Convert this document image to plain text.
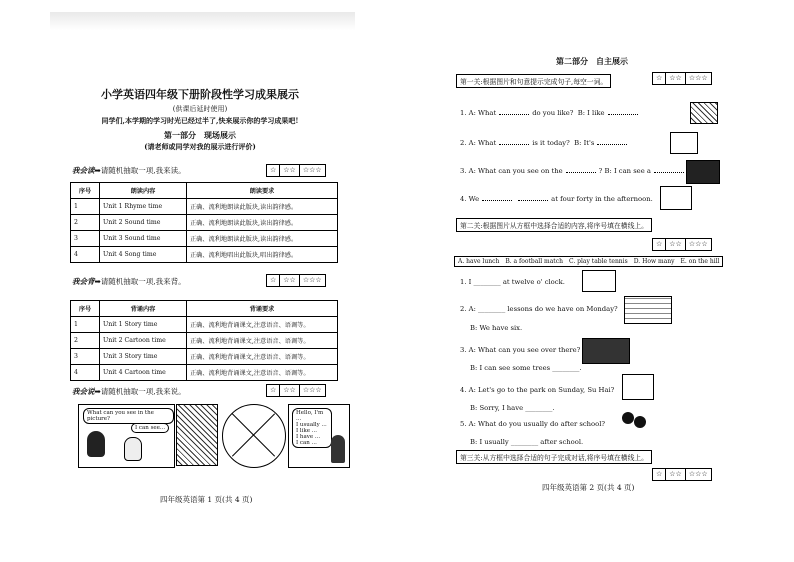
小学英语四年级下册阶段性学习成果展示
(供课后延时使用)
同学们,本学期的学习时光已经过半了,快来展示你的学习成果吧!
第一部分　现场展示
(请老师或同学对我的展示进行评价)
我会读➡请随机抽取一项,我来读。	☆	☆☆	☆☆☆
序号	朗读内容	朗读要求
1	Unit 1 Rhyme time	正确、流利地朗读此版块,读出韵律感。
2	Unit 2 Sound time	正确、流利地朗读此版块,读出韵律感。
3	Unit 3 Sound time	正确、流利地朗读此版块,读出韵律感。
4	Unit 4 Song time	正确、流利地唱出此版块,唱出韵律感。
我会背➡请随机抽取一项,我来背。	☆	☆☆	☆☆☆
序号	背诵内容	背诵要求
1	Unit 1 Story time	正确、流利地背诵课文,注意语音、语调等。
2	Unit 2 Cartoon time	正确、流利地背诵课文,注意语音、语调等。
3	Unit 3 Story time	正确、流利地背诵课文,注意语音、语调等。
4	Unit 4 Cartoon time	正确、流利地背诵课文,注意语音、语调等。
我会说➡请随机抽取一项,我来说。	☆	☆☆	☆☆☆
What can you see in the picture?
I can see...
Hello, I'm ...
I usually ...
I like ...
I have ...
I can ...
四年级英语第 1 页(共 4 页)
第二部分　自主展示
第一关:根据图片和句意提示完成句子,每空一词。	☆	☆☆	☆☆☆
1. A: What	do you like? B: I like
2. A: What	is it today? B: It's
3. A: What can you see on the	? B: I can see a
4. We	at four forty in the afternoon.
第二关:根据图片从方框中选择合适的内容,将序号填在横线上。
☆	☆☆	☆☆☆
A. have lunch	B. a football match	C. play table tennis	D. How many	E. on the hill
1. I ________ at twelve o' clock.
2. A: ________ lessons do we have on Monday?
B: We have six.
3. A: What can you see over there?
B: I can see some trees ________.
4. A: Let's go to the park on Sunday, Su Hai?
B: Sorry, I have ________.
5. A: What do you usually do after school?
B: I usually ________ after school.
第三关:从方框中选择合适的句子完成对话,将序号填在横线上。
☆	☆☆	☆☆☆
四年级英语第 2 页(共 4 页)
